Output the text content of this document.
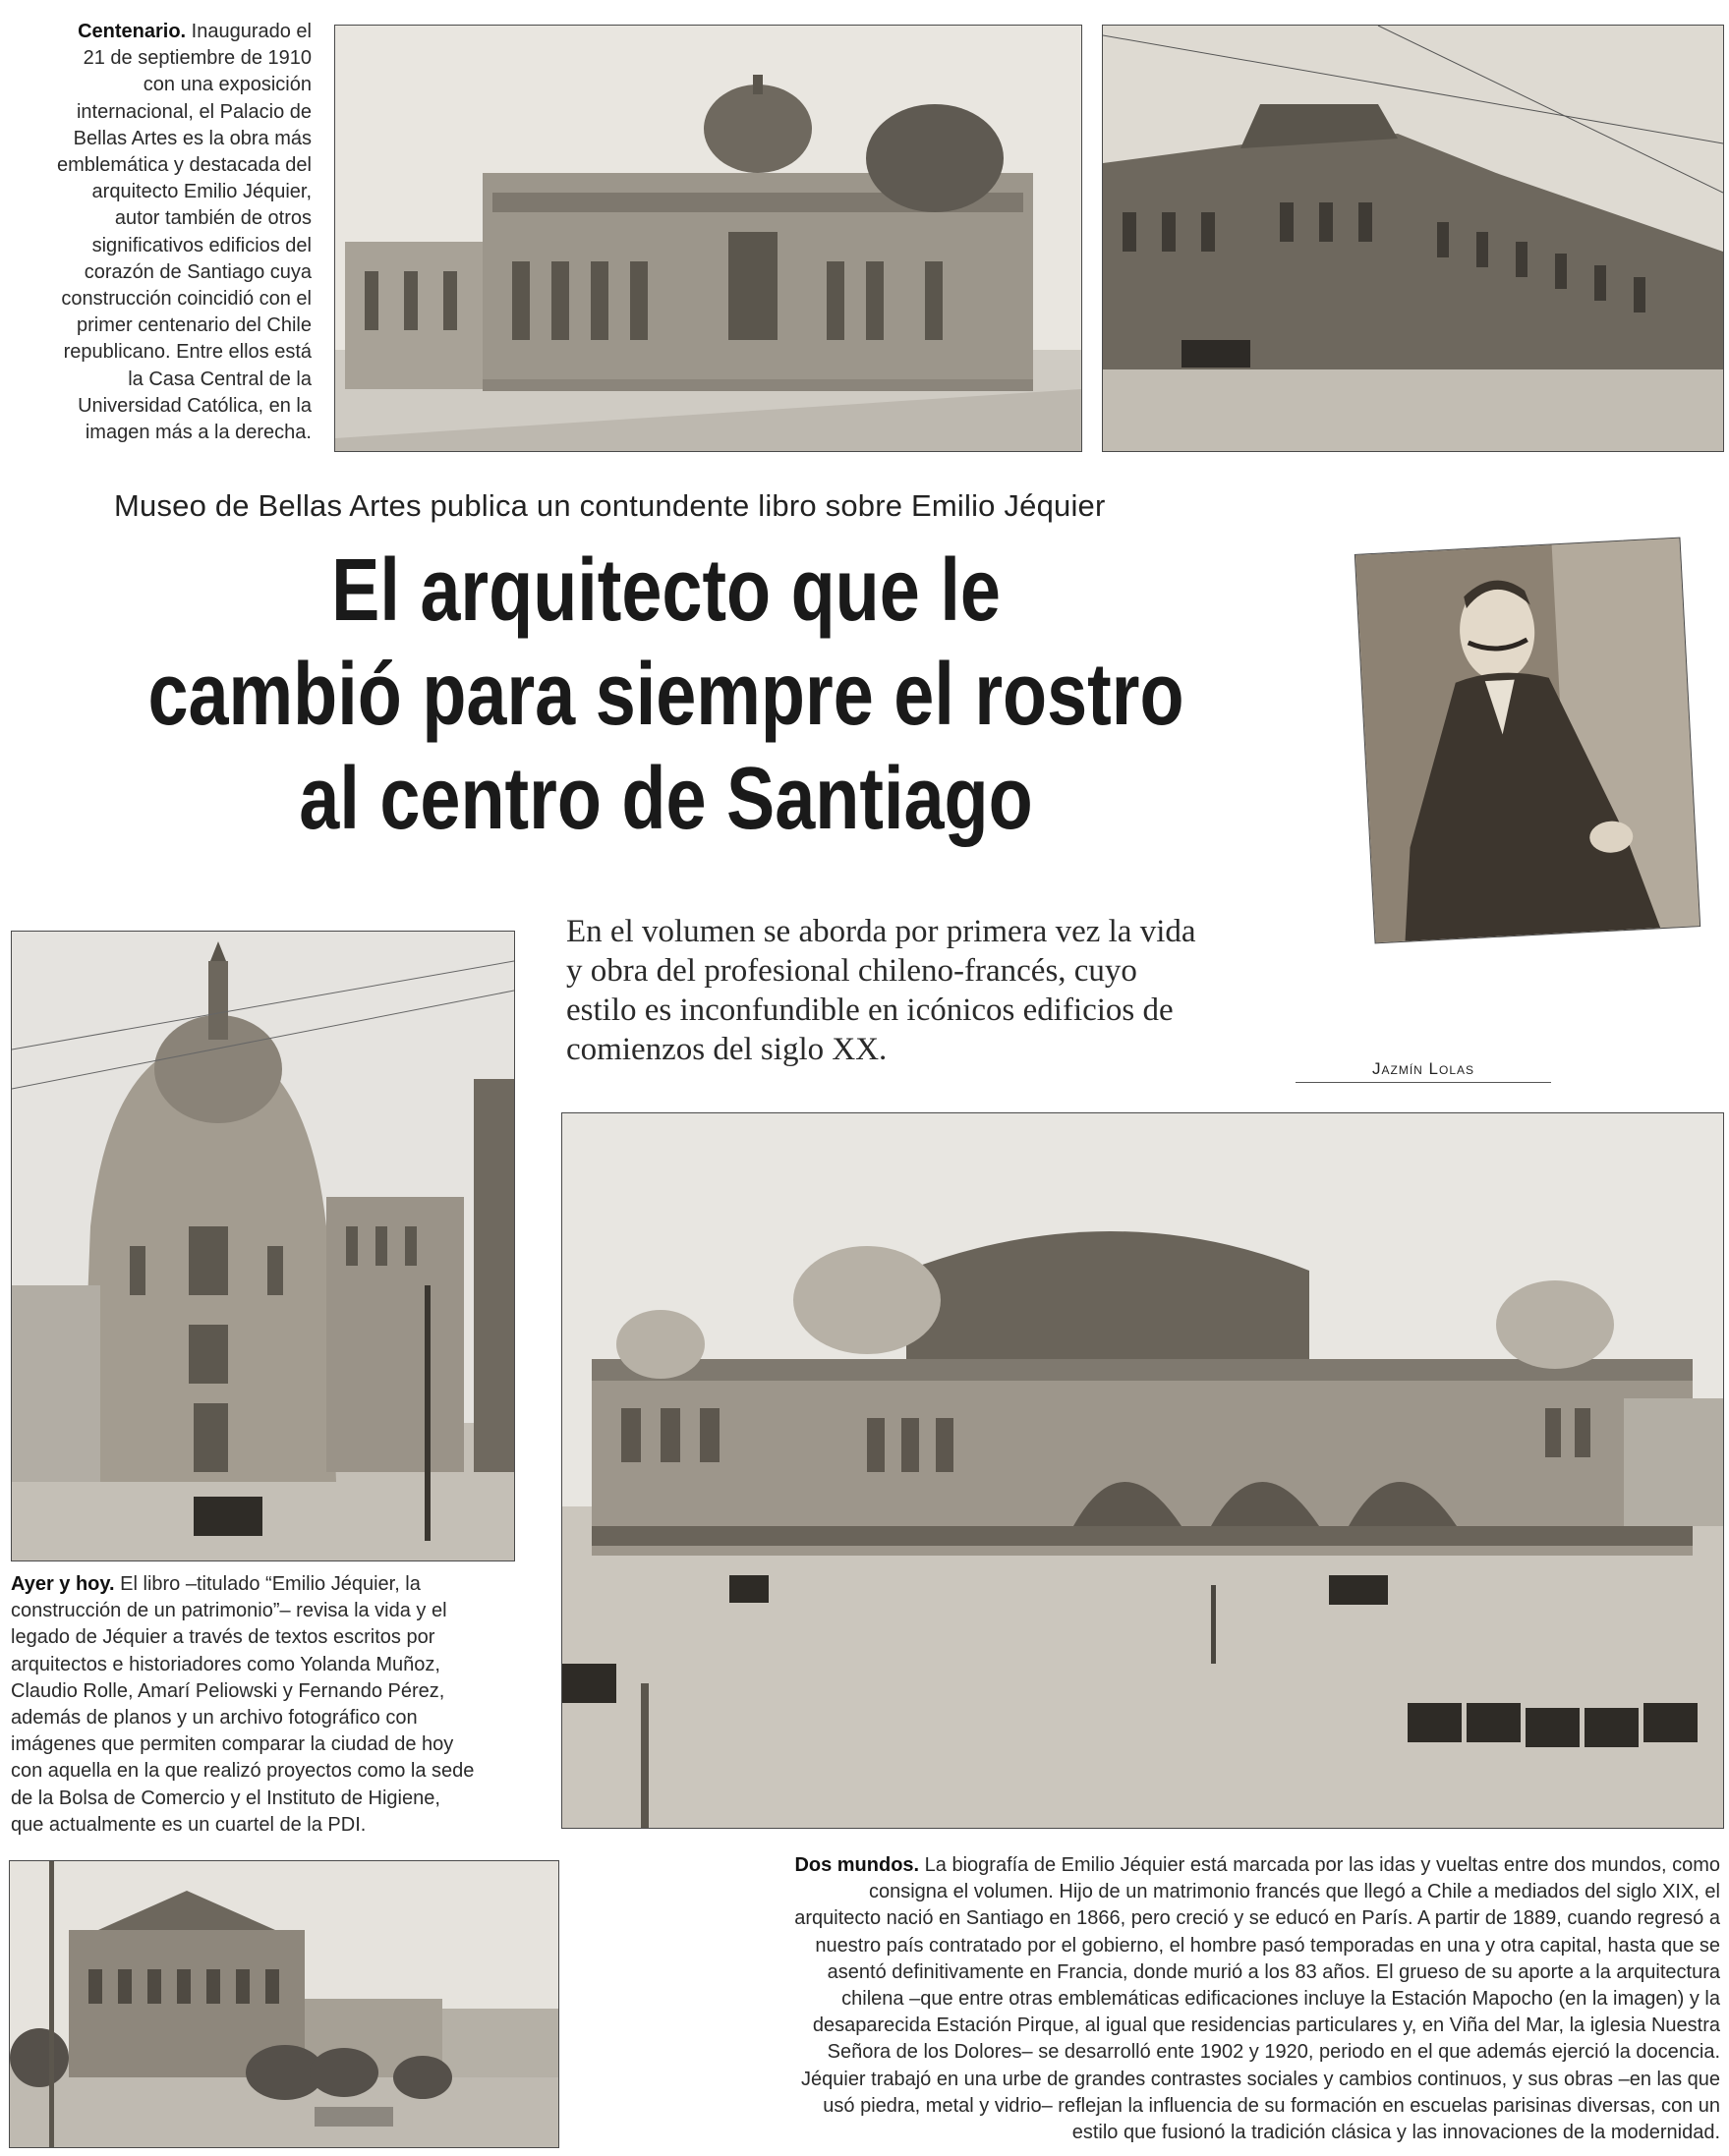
Centenario. Inaugurado el
21 de septiembre de 1910
con una exposición
internacional, el Palacio de
Bellas Artes es la obra más
emblemática y destacada del
arquitecto Emilio Jéquier,
autor también de otros
significativos edificios del
corazón de Santiago cuya
construcción coincidió con el
primer centenario del Chile
republicano. Entre ellos está
la Casa Central de la
Universidad Católica, en la
imagen más a la derecha.
Museo de Bellas Artes publica un contundente libro sobre Emilio Jéquier
El arquitecto que le
cambió para siempre el rostro
al centro de Santiago
En el volumen se aborda por primera vez la vida
y obra del profesional chileno-francés, cuyo
estilo es inconfundible en icónicos edificios de
comienzos del siglo XX.
Jazmín Lolas
Ayer y hoy. El libro –titulado “Emilio Jéquier, la
construcción de un patrimonio”– revisa la vida y el
legado de Jéquier a través de textos escritos por
arquitectos e historiadores como Yolanda Muñoz,
Claudio Rolle, Amarí Peliowski y Fernando Pérez,
además de planos y un archivo fotográfico con
imágenes que permiten comparar la ciudad de hoy
con aquella en la que realizó proyectos como la sede
de la Bolsa de Comercio y el Instituto de Higiene,
que actualmente es un cuartel de la PDI.
Dos mundos. La biografía de Emilio Jéquier está marcada por las idas y vueltas entre dos mundos, como
consigna el volumen. Hijo de un matrimonio francés que llegó a Chile a mediados del siglo XIX, el
arquitecto nació en Santiago en 1866, pero creció y se educó en París. A partir de 1889, cuando regresó a
nuestro país contratado por el gobierno, el hombre pasó temporadas en una y otra capital, hasta que se
asentó definitivamente en Francia, donde murió a los 83 años. El grueso de su aporte a la arquitectura
chilena –que entre otras emblemáticas edificaciones incluye la Estación Mapocho (en la imagen) y la
desaparecida Estación Pirque, al igual que residencias particulares y, en Viña del Mar, la iglesia Nuestra
Señora de los Dolores– se desarrolló ente 1902 y 1920, periodo en el que además ejerció la docencia.
Jéquier trabajó en una urbe de grandes contrastes sociales y cambios continuos, y sus obras –en las que
usó piedra, metal y vidrio– reflejan la influencia de su formación en escuelas parisinas diversas, con un
estilo que fusionó la tradición clásica y las innovaciones de la modernidad.
